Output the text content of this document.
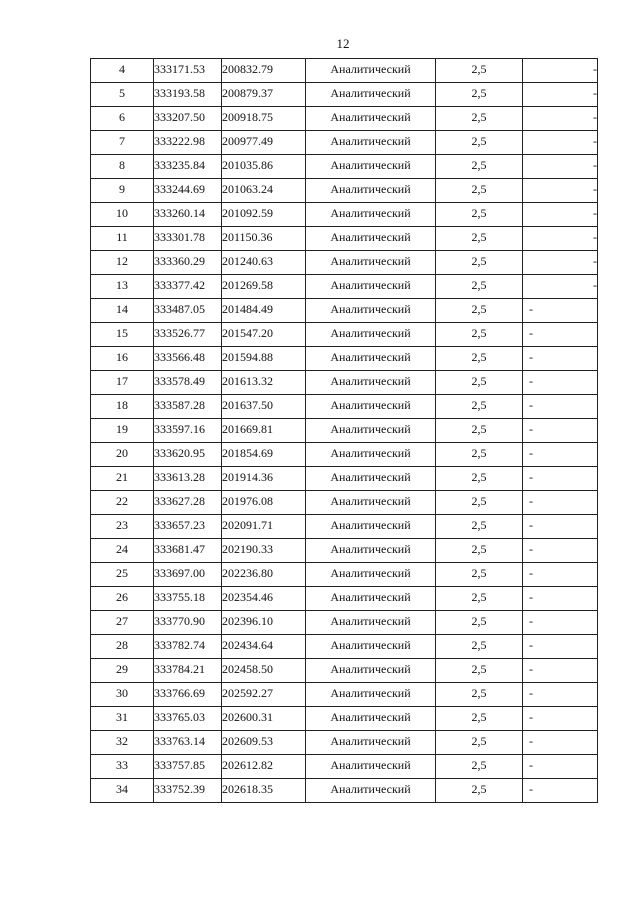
12
4	333171.53	200832.79	Аналитический	2,5	-
5	333193.58	200879.37	Аналитический	2,5	-
6	333207.50	200918.75	Аналитический	2,5	-
7	333222.98	200977.49	Аналитический	2,5	-
8	333235.84	201035.86	Аналитический	2,5	-
9	333244.69	201063.24	Аналитический	2,5	-
10	333260.14	201092.59	Аналитический	2,5	-
11	333301.78	201150.36	Аналитический	2,5	-
12	333360.29	201240.63	Аналитический	2,5	-
13	333377.42	201269.58	Аналитический	2,5	-
14	333487.05	201484.49	Аналитический	2,5	-
15	333526.77	201547.20	Аналитический	2,5	-
16	333566.48	201594.88	Аналитический	2,5	-
17	333578.49	201613.32	Аналитический	2,5	-
18	333587.28	201637.50	Аналитический	2,5	-
19	333597.16	201669.81	Аналитический	2,5	-
20	333620.95	201854.69	Аналитический	2,5	-
21	333613.28	201914.36	Аналитический	2,5	-
22	333627.28	201976.08	Аналитический	2,5	-
23	333657.23	202091.71	Аналитический	2,5	-
24	333681.47	202190.33	Аналитический	2,5	-
25	333697.00	202236.80	Аналитический	2,5	-
26	333755.18	202354.46	Аналитический	2,5	-
27	333770.90	202396.10	Аналитический	2,5	-
28	333782.74	202434.64	Аналитический	2,5	-
29	333784.21	202458.50	Аналитический	2,5	-
30	333766.69	202592.27	Аналитический	2,5	-
31	333765.03	202600.31	Аналитический	2,5	-
32	333763.14	202609.53	Аналитический	2,5	-
33	333757.85	202612.82	Аналитический	2,5	-
34	333752.39	202618.35	Аналитический	2,5	-
